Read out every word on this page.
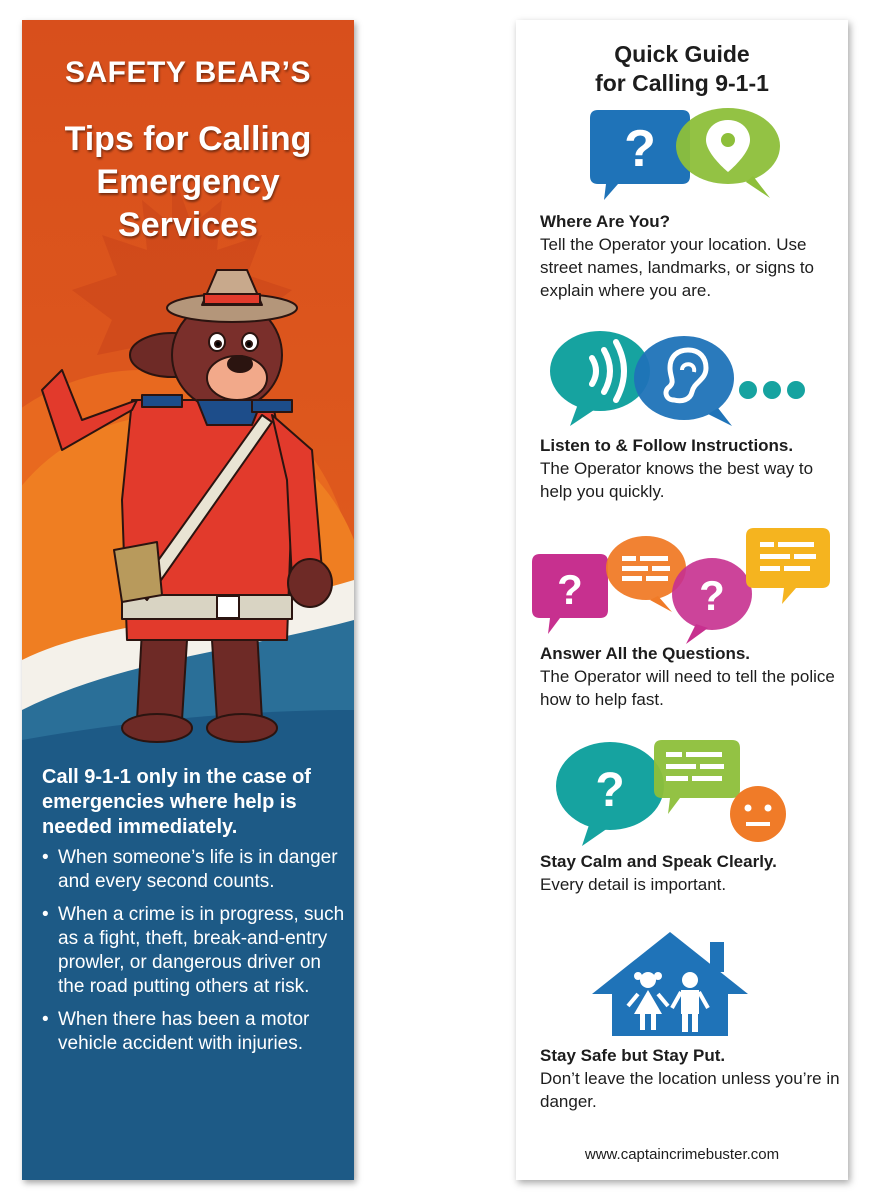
SAFETY BEAR’S
Tips for Calling
Emergency
Services
Call 9-1-1 only in the case of emergencies where help is needed immediately.
• When someone’s life is in danger and every second counts.
• When a crime is in progress, such as a fight, theft, break-and-entry prowler, or dangerous driver on the road putting others at risk.
• When there has been a motor vehicle accident with injuries.
Quick Guide
for Calling 9-1-1
?
Where Are You?
Tell the Operator your location. Use street names, landmarks, or signs to explain where you are.
Listen to & Follow Instructions.
The Operator knows the best way to help you quickly.
?	?
Answer All the Questions.
The Operator will need to tell the police how to help fast.
?
Stay Calm and Speak Clearly.
Every detail is important.
Stay Safe but Stay Put.
Don’t leave the location unless you’re in danger.
www.captaincrimebuster.com
